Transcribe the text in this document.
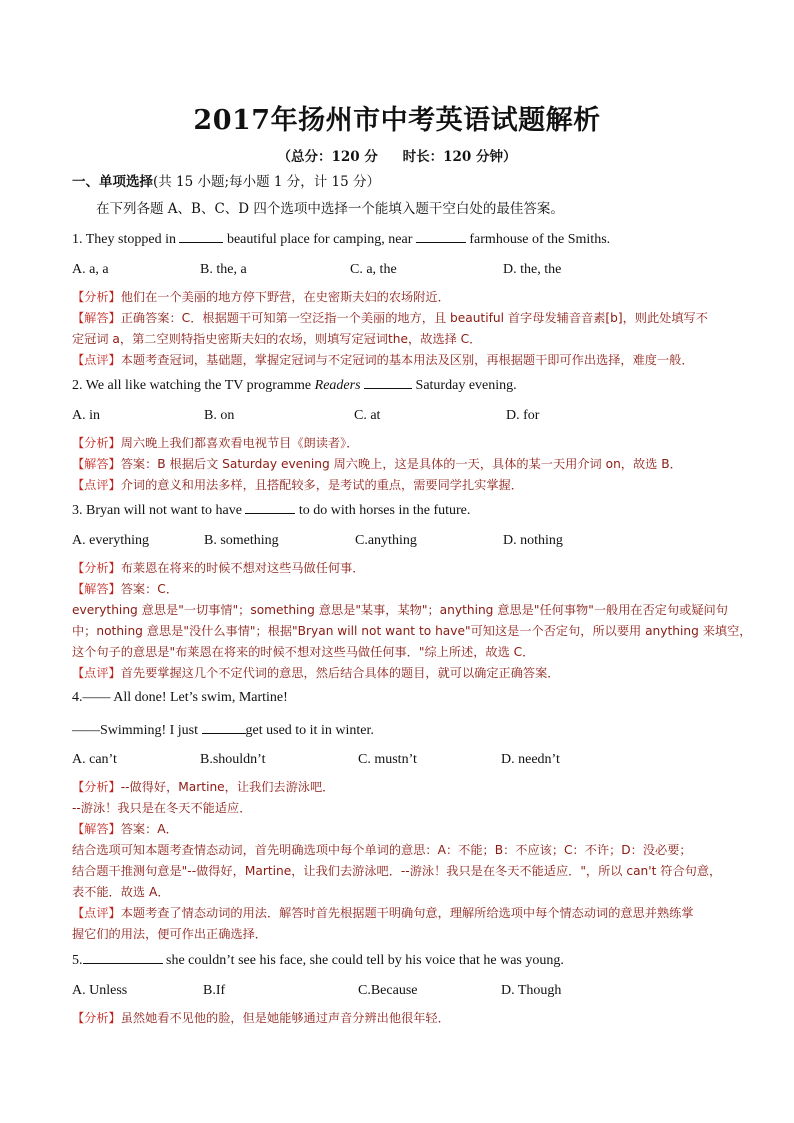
2017年扬州市中考英语试题解析
（总分：120 分 时长：120 分钟）
一、单项选择(共 15 小题;每小题 1 分，计 15 分）
在下列各题 A、B、C、D 四个选项中选择一个能填入题干空白处的最佳答案。
1. They stopped in	beautiful place for camping, near	farmhouse of the Smiths.
A. a, a	B. the, a	C. a, the	D. the, the
【分析】他们在一个美丽的地方停下野营，在史密斯夫妇的农场附近．
【解答】正确答案：C．根据题干可知第一空泛指一个美丽的地方，且 beautiful 首字母发辅音音素[b]，则此处填写不
定冠词 a，第二空则特指史密斯夫妇的农场，则填写定冠词the，故选择 C．
【点评】本题考查冠词，基础题，掌握定冠词与不定冠词的基本用法及区别，再根据题干即可作出选择，难度一般．
2. We all like watching the TV programme Readers	Saturday evening.
A. in	B. on	C. at	D. for
【分析】周六晚上我们都喜欢看电视节目《朗读者》．
【解答】答案：B 根据后文 Saturday evening 周六晚上，这是具体的一天，具体的某一天用介词 on，故选 B．
【点评】介词的意义和用法多样，且搭配较多，是考试的重点，需要同学扎实掌握．
3. Bryan will not want to have	to do with horses in the future.
A. everything	B. something	C.anything	D. nothing
【分析】布莱恩在将来的时候不想对这些马做任何事．
【解答】答案：C．
everything 意思是"一切事情"；something 意思是"某事，某物"；anything 意思是"任何事物"一般用在否定句或疑问句
中；nothing 意思是"没什么事情"；根据"Bryan will not want to have"可知这是一个否定句，所以要用 anything 来填空，
这个句子的意思是"布莱恩在将来的时候不想对这些马做任何事．"综上所述，故选 C．
【点评】首先要掌握这几个不定代词的意思，然后结合具体的题目，就可以确定正确答案．
4.—— All done! Let’s swim, Martine!
——Swimming! I just	get used to it in winter.
A. can’t	B.shouldn’t	C. mustn’t	D. needn’t
【分析】--做得好，Martine，让我们去游泳吧．
--游泳！我只是在冬天不能适应．
【解答】答案：A．
结合选项可知本题考查情态动词，首先明确选项中每个单词的意思：A：不能；B：不应该；C：不许；D：没必要；
结合题干推测句意是"--做得好，Martine，让我们去游泳吧．--游泳！我只是在冬天不能适应．"，所以 can't 符合句意，
表不能．故选 A．
【点评】本题考查了情态动词的用法．解答时首先根据题干明确句意，理解所给选项中每个情态动词的意思并熟练掌
握它们的用法，便可作出正确选择．
5.	she couldn’t see his face, she could tell by his voice that he was young.
A. Unless	B.If	C.Because	D. Though
【分析】虽然她看不见他的脸，但是她能够通过声音分辨出他很年轻．
